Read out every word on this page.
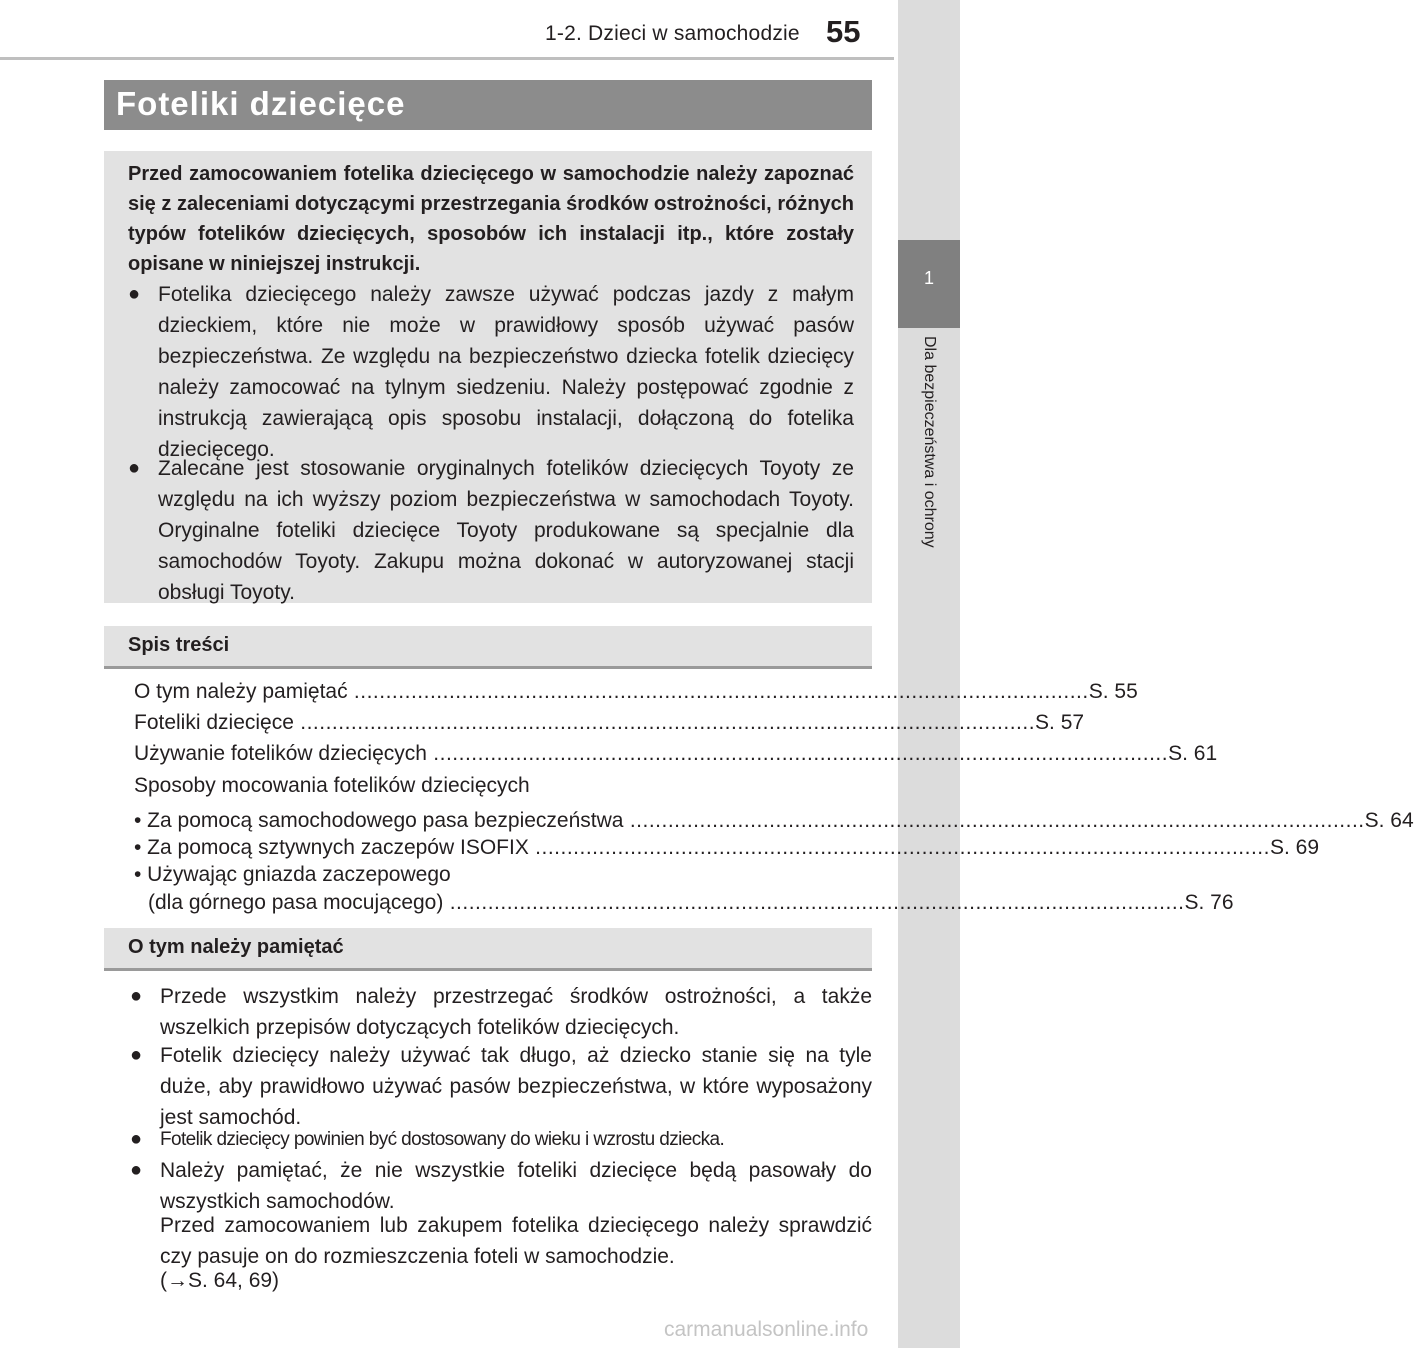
1-2. Dzieci w samochodzie 55
1
Dla bezpieczeństwa i ochrony
Foteliki dziecięce
Przed zamocowaniem fotelika dziecięcego w samochodzie należy zapoznać się z zaleceniami dotyczącymi przestrzegania środków ostrożności, różnych typów fotelików dziecięcych, sposobów ich instalacji itp., które zostały opisane w niniejszej instrukcji.
● Fotelika dziecięcego należy zawsze używać podczas jazdy z małym dzieckiem, które nie może w prawidłowy sposób używać pasów bezpieczeństwa. Ze względu na bezpieczeństwo dziecka fotelik dziecięcy należy zamocować na tylnym siedzeniu. Należy postępować zgodnie z instrukcją zawierającą opis sposobu instalacji, dołączoną do fotelika dziecięcego.
● Zalecane jest stosowanie oryginalnych fotelików dziecięcych Toyoty ze względu na ich wyższy poziom bezpieczeństwa w samochodach Toyoty. Oryginalne foteliki dziecięce Toyoty produkowane są specjalnie dla samochodów Toyoty. Zakupu można dokonać w autoryzowanej stacji obsługi Toyoty.
Spis treści
O tym należy pamiętać .................................................................................................................... S. 55
Foteliki dziecięce .................................................................................................................... S. 57
Używanie fotelików dziecięcych .................................................................................................................... S. 61
Sposoby mocowania fotelików dziecięcych
• Za pomocą samochodowego pasa bezpieczeństwa .................................................................................................................... S. 64
• Za pomocą sztywnych zaczepów ISOFIX .................................................................................................................... S. 69
• Używając gniazda zaczepowego
(dla górnego pasa mocującego) .................................................................................................................... S. 76
O tym należy pamiętać
● Przede wszystkim należy przestrzegać środków ostrożności, a także wszelkich przepisów dotyczących fotelików dziecięcych.
● Fotelik dziecięcy należy używać tak długo, aż dziecko stanie się na tyle duże, aby prawidłowo używać pasów bezpieczeństwa, w które wyposażony jest samochód.
● Fotelik dziecięcy powinien być dostosowany do wieku i wzrostu dziecka.
● Należy pamiętać, że nie wszystkie foteliki dziecięce będą pasowały do wszystkich samochodów.
Przed zamocowaniem lub zakupem fotelika dziecięcego należy sprawdzić czy pasuje on do rozmieszczenia foteli w samochodzie.
(→S. 64, 69)
carmanualsonline.info
